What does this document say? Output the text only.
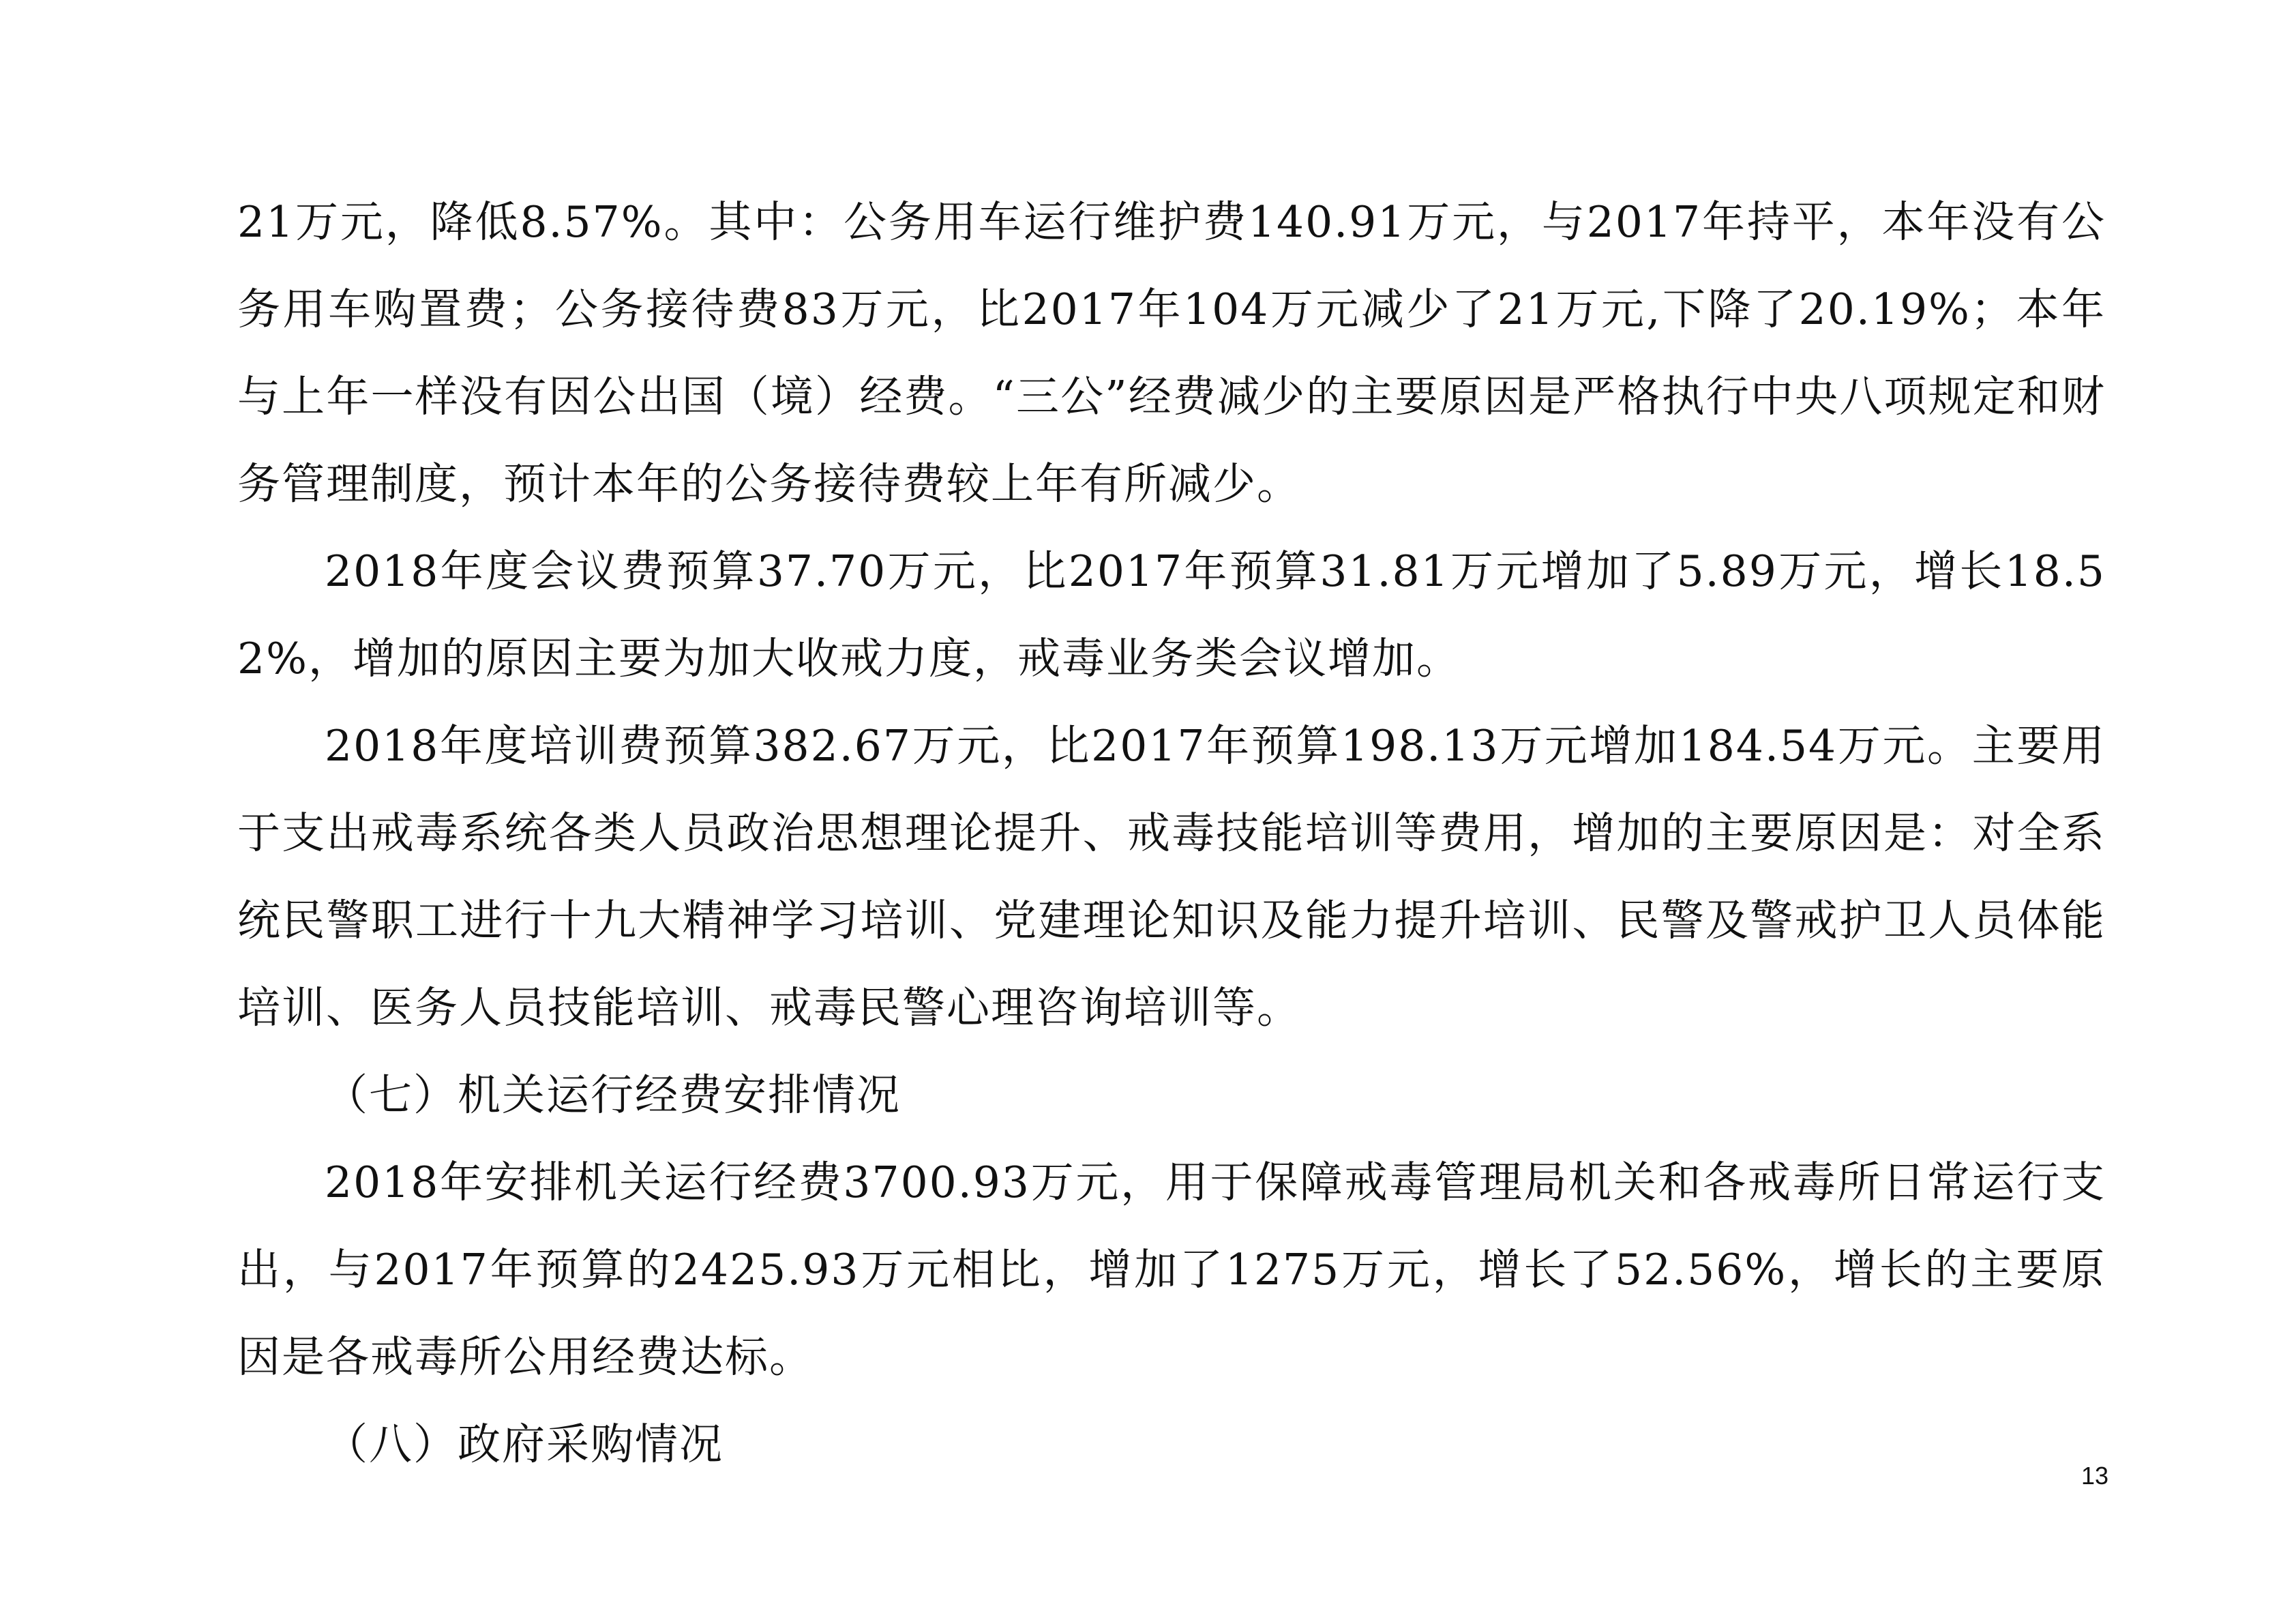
21万元，降低8.57%。其中：公务用车运行维护费140.91万元，与2017年持平，本年没有公务用车购置费；公务接待费83万元，比2017年104万元减少了21万元,下降了20.19%；本年与上年一样没有因公出国（境）经费。“三公”经费减少的主要原因是严格执行中央八项规定和财务管理制度，预计本年的公务接待费较上年有所减少。

2018年度会议费预算37.70万元，比2017年预算31.81万元增加了5.89万元，增长18.52%，增加的原因主要为加大收戒力度，戒毒业务类会议增加。

2018年度培训费预算382.67万元，比2017年预算198.13万元增加184.54万元。主要用于支出戒毒系统各类人员政治思想理论提升、戒毒技能培训等费用，增加的主要原因是：对全系统民警职工进行十九大精神学习培训、党建理论知识及能力提升培训、民警及警戒护卫人员体能培训、医务人员技能培训、戒毒民警心理咨询培训等。

（七）机关运行经费安排情况

2018年安排机关运行经费3700.93万元，用于保障戒毒管理局机关和各戒毒所日常运行支出，与2017年预算的2425.93万元相比，增加了1275万元，增长了52.56%，增长的主要原因是各戒毒所公用经费达标。

（八）政府采购情况

13
